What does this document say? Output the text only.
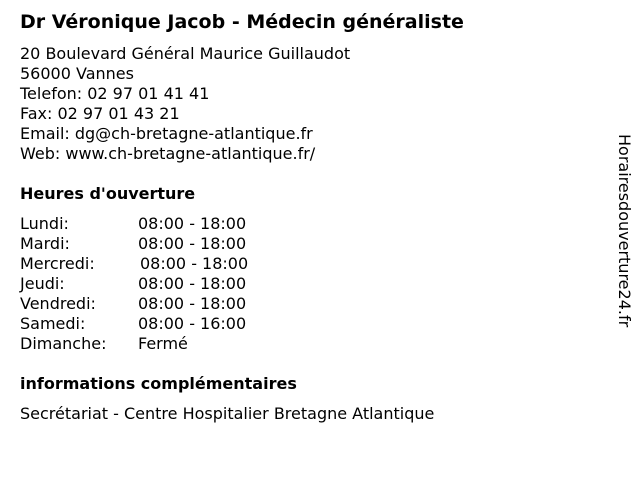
Dr Véronique Jacob - Médecin généraliste
20 Boulevard Général Maurice Guillaudot
56000 Vannes
Telefon: 02 97 01 41 41
Fax: 02 97 01 43 21
Email: dg@ch-bretagne-atlantique.fr
Web: www.ch-bretagne-atlantique.fr/
Heures d'ouverture
Lundi:	08:00 - 18:00
Mardi:	08:00 - 18:00
Mercredi:	08:00 - 18:00
Jeudi:	08:00 - 18:00
Vendredi:	08:00 - 18:00
Samedi:	08:00 - 16:00
Dimanche: Fermé
informations complémentaires
Secrétariat - Centre Hospitalier Bretagne Atlantique
Horairesdouverture24.fr
